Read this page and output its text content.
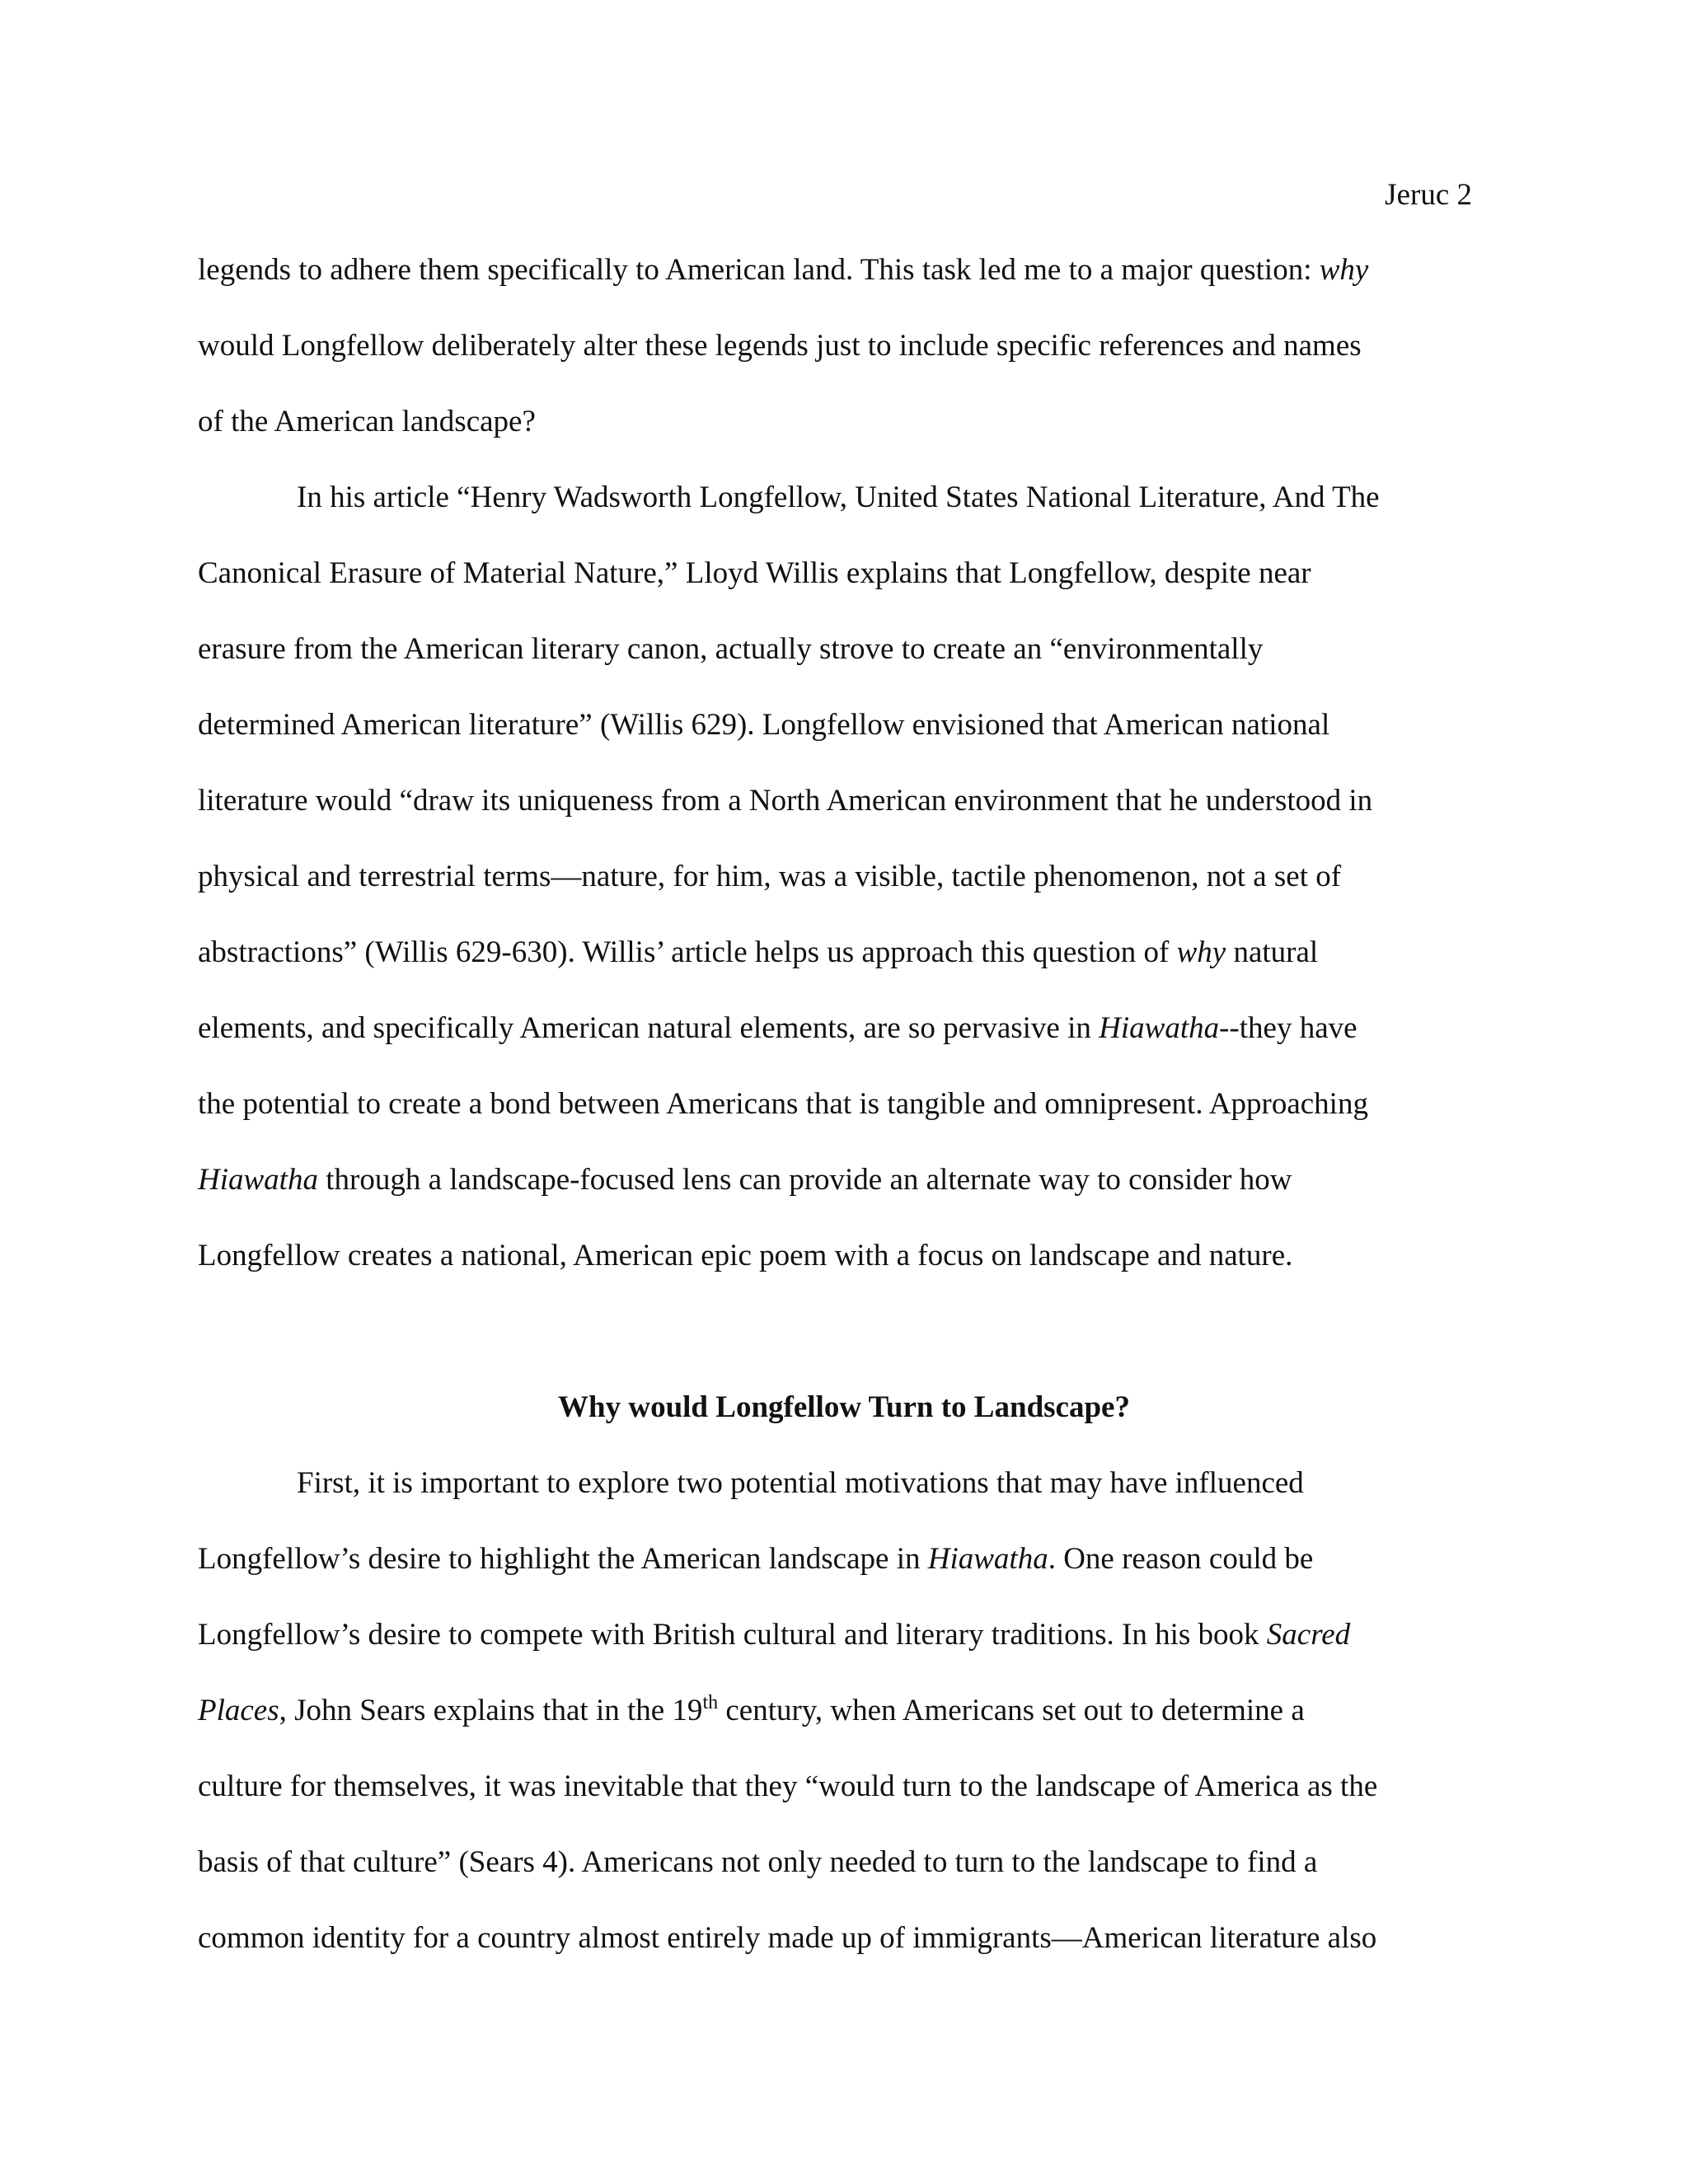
Jeruc 2
legends to adhere them specifically to American land. This task led me to a major question: why
would Longfellow deliberately alter these legends just to include specific references and names
of the American landscape?
In his article “Henry Wadsworth Longfellow, United States National Literature, And The
Canonical Erasure of Material Nature,” Lloyd Willis explains that Longfellow, despite near
erasure from the American literary canon, actually strove to create an “environmentally
determined American literature” (Willis 629). Longfellow envisioned that American national
literature would “draw its uniqueness from a North American environment that he understood in
physical and terrestrial terms—nature, for him, was a visible, tactile phenomenon, not a set of
abstractions” (Willis 629-630). Willis’ article helps us approach this question of why natural
elements, and specifically American natural elements, are so pervasive in Hiawatha--they have
the potential to create a bond between Americans that is tangible and omnipresent. Approaching
Hiawatha through a landscape-focused lens can provide an alternate way to consider how
Longfellow creates a national, American epic poem with a focus on landscape and nature.
Why would Longfellow Turn to Landscape?
First, it is important to explore two potential motivations that may have influenced
Longfellow’s desire to highlight the American landscape in Hiawatha. One reason could be
Longfellow’s desire to compete with British cultural and literary traditions. In his book Sacred
Places, John Sears explains that in the 19th century, when Americans set out to determine a
culture for themselves, it was inevitable that they “would turn to the landscape of America as the
basis of that culture” (Sears 4). Americans not only needed to turn to the landscape to find a
common identity for a country almost entirely made up of immigrants—American literature also
